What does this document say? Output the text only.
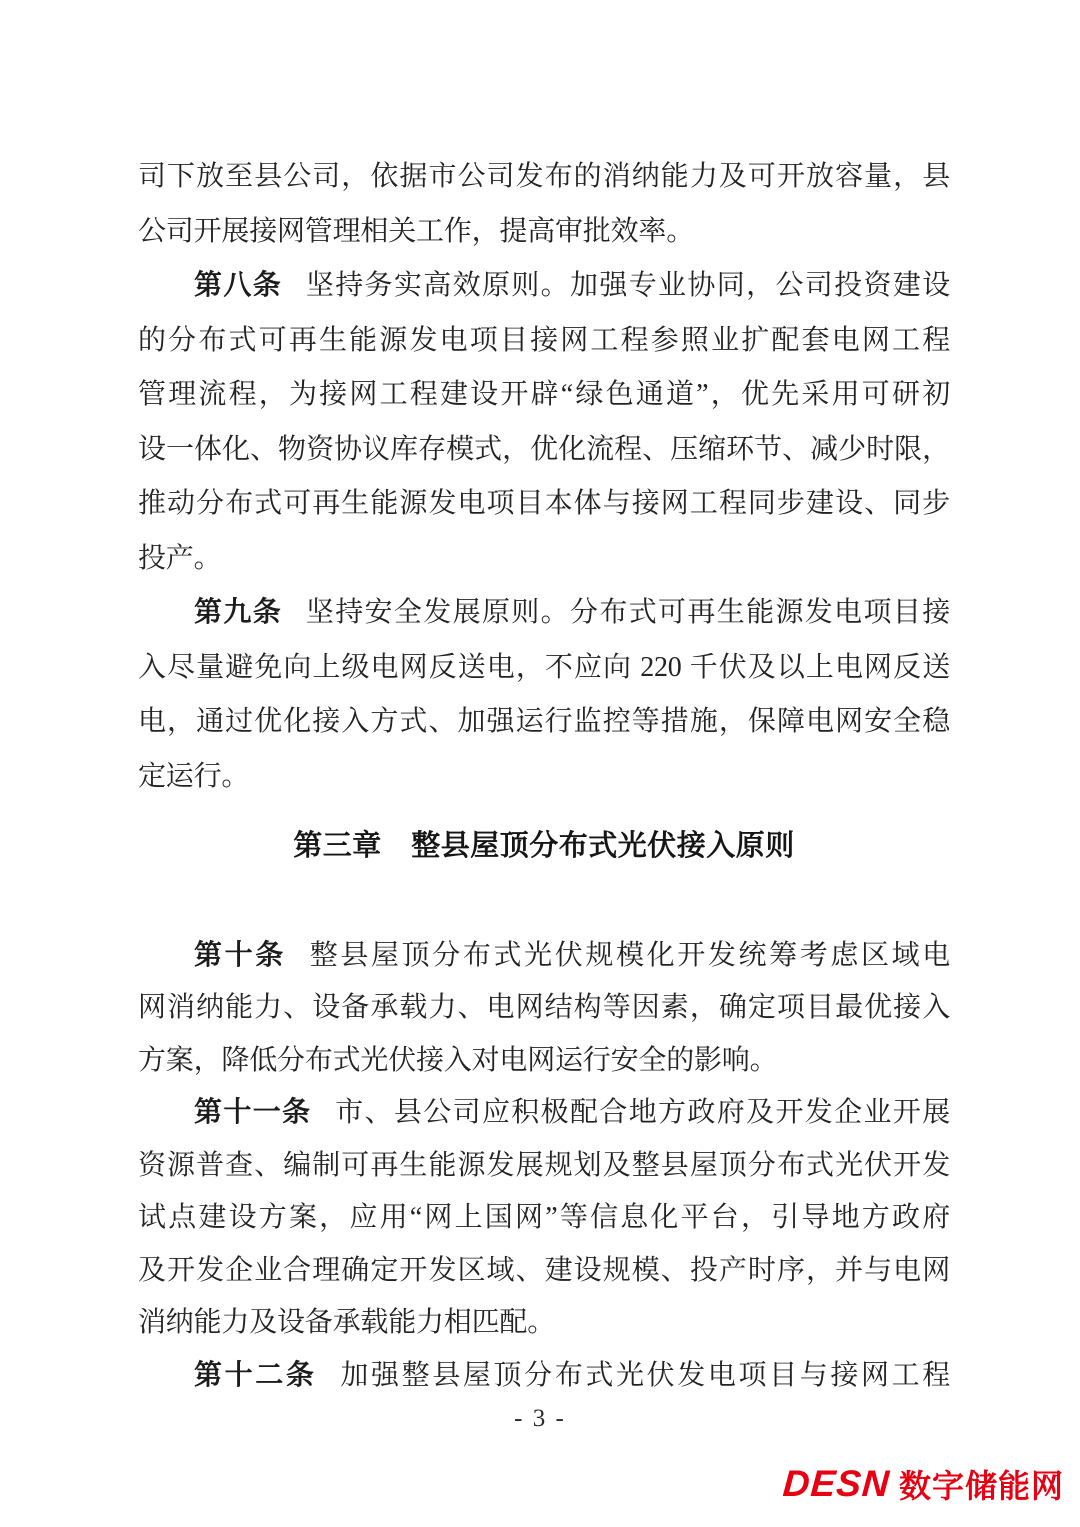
司下放至县公司，依据市公司发布的消纳能力及可开放容量，县
公司开展接网管理相关工作，提高审批效率。
第八条 坚持务实高效原则。加强专业协同，公司投资建设
的分布式可再生能源发电项目接网工程参照业扩配套电网工程
管理流程，为接网工程建设开辟“绿色通道”，优先采用可研初
设一体化、物资协议库存模式，优化流程、压缩环节、减少时限，
推动分布式可再生能源发电项目本体与接网工程同步建设、同步
投产。
第九条 坚持安全发展原则。分布式可再生能源发电项目接
入尽量避免向上级电网反送电，不应向 220 千伏及以上电网反送
电，通过优化接入方式、加强运行监控等措施，保障电网安全稳
定运行。
第三章　整县屋顶分布式光伏接入原则
第十条 整县屋顶分布式光伏规模化开发统筹考虑区域电
网消纳能力、设备承载力、电网结构等因素，确定项目最优接入
方案，降低分布式光伏接入对电网运行安全的影响。
第十一条 市、县公司应积极配合地方政府及开发企业开展
资源普查、编制可再生能源发展规划及整县屋顶分布式光伏开发
试点建设方案，应用“网上国网”等信息化平台，引导地方政府
及开发企业合理确定开发区域、建设规模、投产时序，并与电网
消纳能力及设备承载能力相匹配。
第十二条 加强整县屋顶分布式光伏发电项目与接网工程
- 3 -
DESN 数字储能网
